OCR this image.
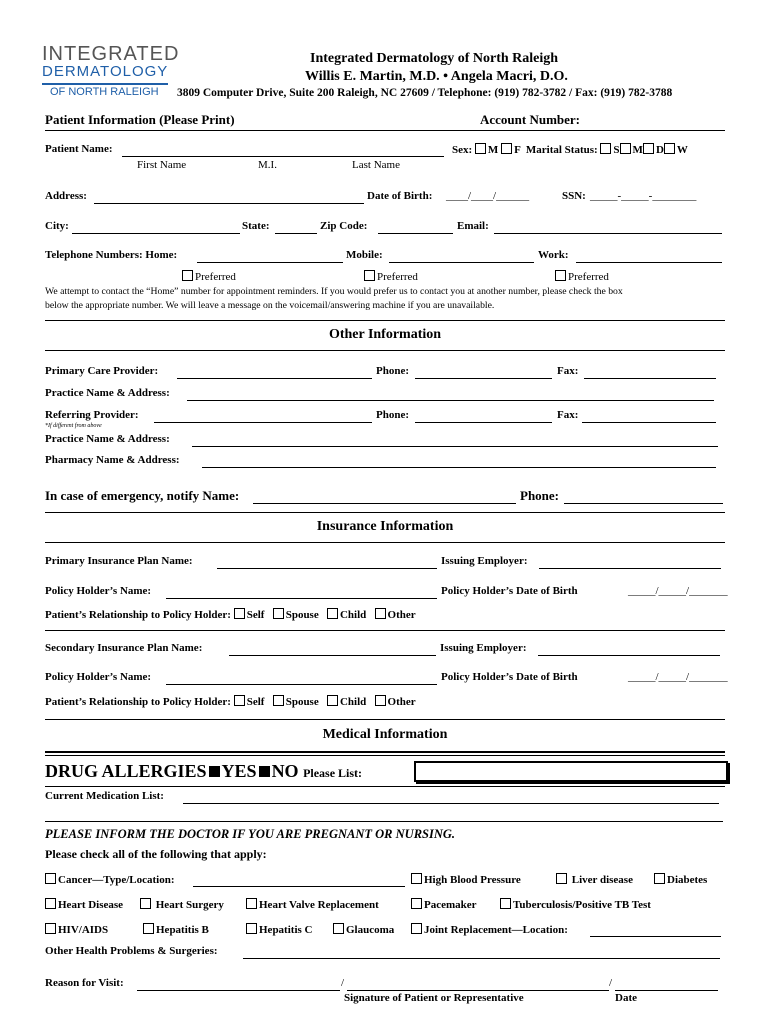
INTEGRATED
DERMATOLOGY
OF NORTH RALEIGH
Integrated Dermatology of North Raleigh
Willis E. Martin, M.D. • Angela Macri, D.O.
3809 Computer Drive, Suite 200 Raleigh, NC 27609 / Telephone: (919) 782-3782 / Fax: (919) 782-3788
Patient Information (Please Print)	Account Number:
Patient Name:	Sex: M F Marital Status: S M D W
First Name	M.I.	Last Name
Address:	Date of Birth: ____/____/______	SSN: _____-_____-________
City:	State:	Zip Code:	Email:
Telephone Numbers: Home:	Mobile:	Work:
Preferred	Preferred	Preferred
We attempt to contact the “Home” number for appointment reminders. If you would prefer us to contact you at another number, please check the box
below the appropriate number. We will leave a message on the voicemail/answering machine if you are unavailable.
Other Information
Primary Care Provider:	Phone:	Fax:
Practice Name & Address:
Referring Provider:	Phone:	Fax:
*If different from above
Practice Name & Address:
Pharmacy Name & Address:
In case of emergency, notify Name:	Phone:
Insurance Information
Primary Insurance Plan Name:	Issuing Employer:
Policy Holder’s Name:	Policy Holder’s Date of Birth	_____/_____/_______
Patient’s Relationship to Policy Holder: Self Spouse Child Other
Secondary Insurance Plan Name:	Issuing Employer:
Policy Holder’s Name:	Policy Holder’s Date of Birth	_____/_____/_______
Patient’s Relationship to Policy Holder: Self Spouse Child Other
Medical Information
DRUG ALLERGIES YES NO Please List:
Current Medication List:
PLEASE INFORM THE DOCTOR IF YOU ARE PREGNANT OR NURSING.
Please check all of the following that apply:
Cancer—Type/Location:	High Blood Pressure	Liver disease	Diabetes
Heart Disease	Heart Surgery	Heart Valve Replacement	Pacemaker	Tuberculosis/Positive TB Test
HIV/AIDS	Hepatitis B	Hepatitis C	Glaucoma	Joint Replacement—Location:
Other Health Problems & Surgeries:
Reason for Visit:	/	/
Signature of Patient or Representative	Date
